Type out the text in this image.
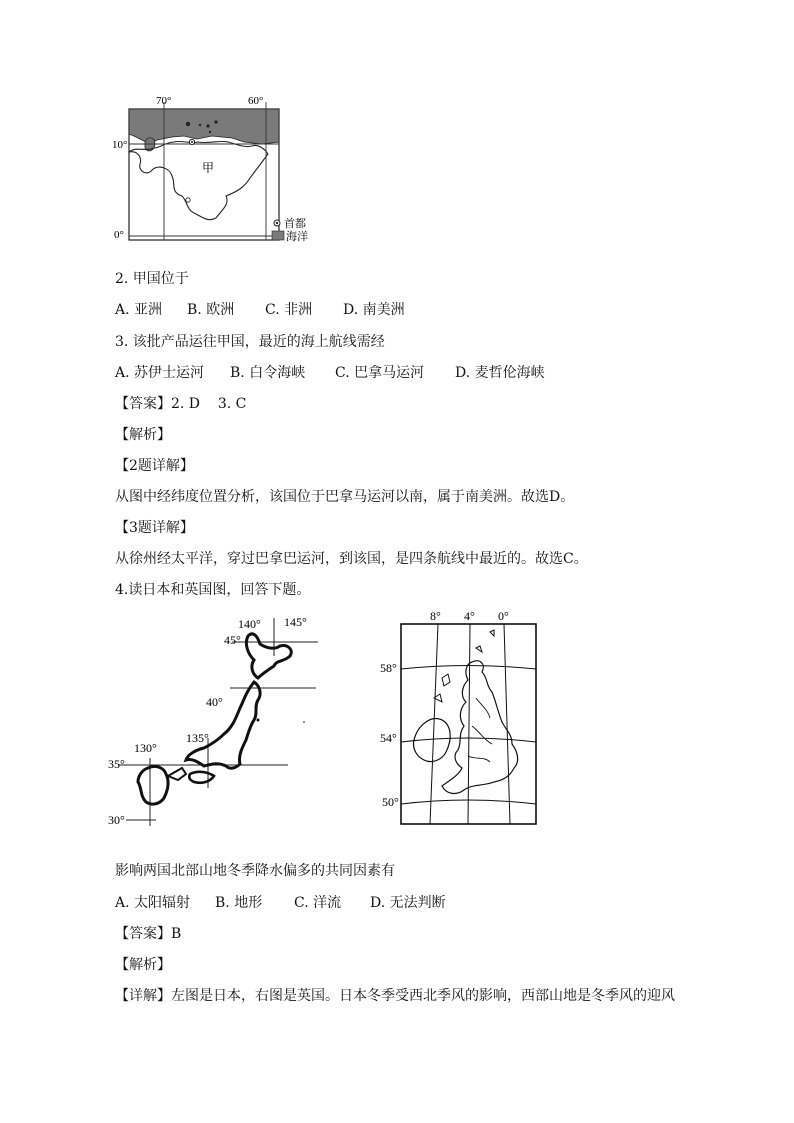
70°	60°
10°
0°
甲
首都
海洋
2. 甲国位于
A. 亚洲 B. 欧洲 C. 非洲 D. 南美洲
3. 该批产品运往甲国，最近的海上航线需经
A. 苏伊士运河 B. 白令海峡 C. 巴拿马运河 D. 麦哲伦海峡
【答案】2. D    3. C
【解析】
【2题详解】
从图中经纬度位置分析，该国位于巴拿马运河以南，属于南美洲。故选D。
【3题详解】
从徐州经太平洋，穿过巴拿巴运河，到该国，是四条航线中最近的。故选C。
4.读日本和英国图，回答下题。
140° 145°
45°
40°
130°
135°
35°
30°
8° 4° 0°
58°
54°
50°
影响两国北部山地冬季降水偏多的共同因素有
A. 太阳辐射 B. 地形 C. 洋流 D. 无法判断
【答案】B
【解析】
【详解】左图是日本，右图是英国。日本冬季受西北季风的影响，西部山地是冬季风的迎风
